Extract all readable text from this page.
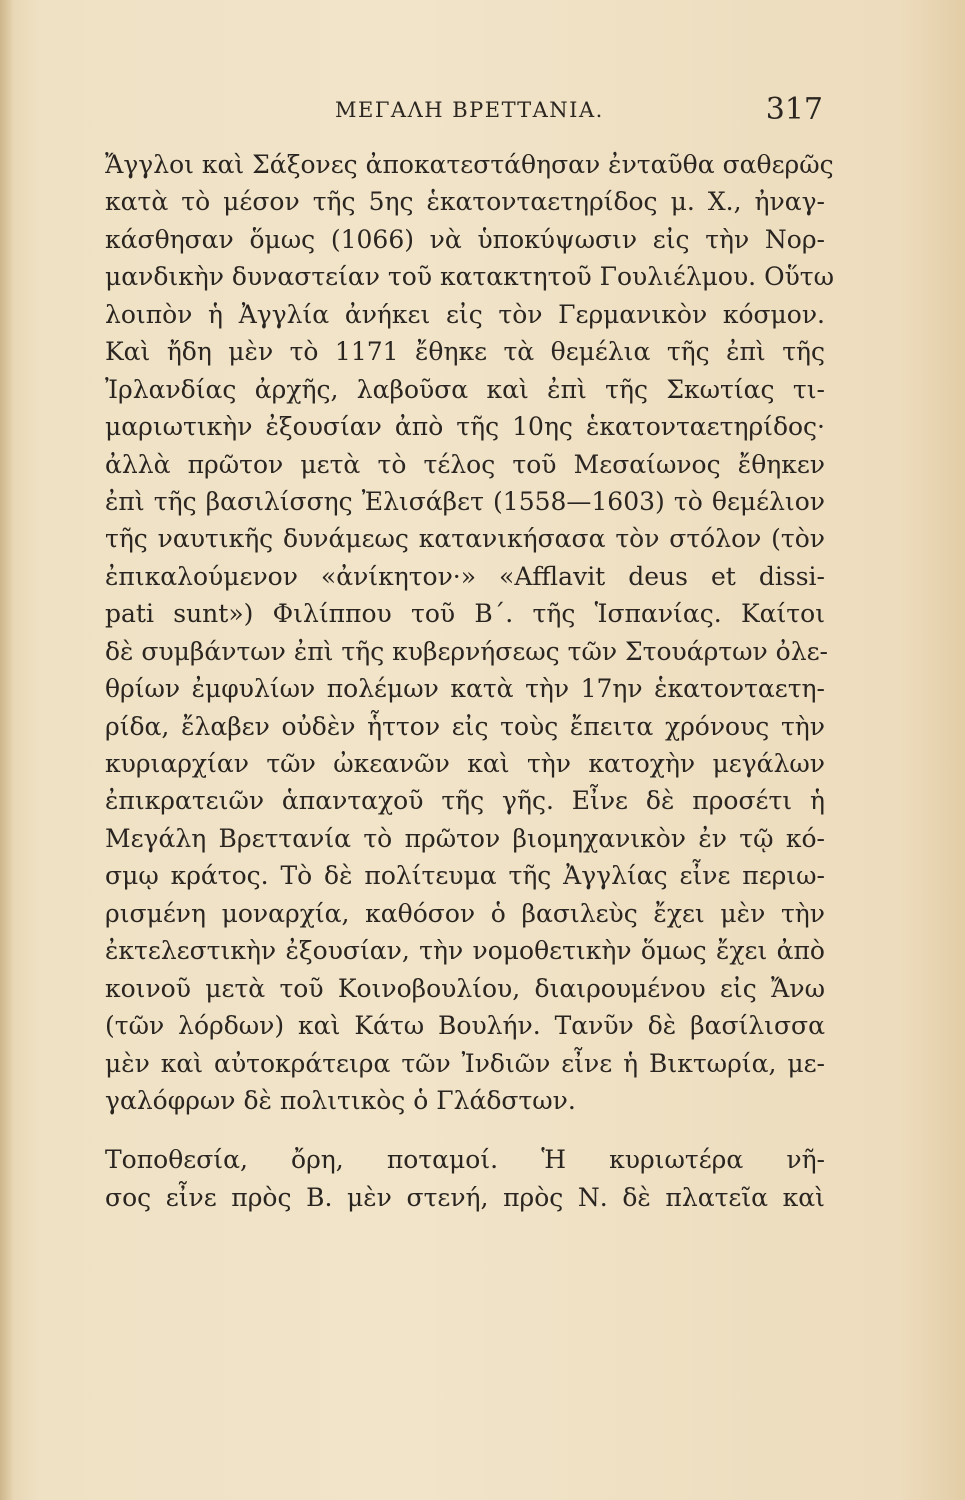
ΜΕΓΑΛΗ ΒΡΕΤΤΑΝΙΑ.	317
Ἄγγλοι καὶ Σάξονες ἀποκατεστάθησαν ἐνταῦθα σαθερῶς
κατὰ τὸ μέσον τῆς 5ης ἑκατονταετηρίδος μ. Χ., ἠναγ-
κάσθησαν ὅμως (1066) νὰ ὑποκύψωσιν εἰς τὴν Νορ-
μανδικὴν δυναστείαν τοῦ κατακτητοῦ Γουλιέλμου. Οὕτω
λοιπὸν ἡ Ἀγγλία ἀνήκει εἰς τὸν Γερμανικὸν κόσμον.
Καὶ ἤδη μὲν τὸ 1171 ἔθηκε τὰ θεμέλια τῆς ἐπὶ τῆς
Ἰρλανδίας ἀρχῆς, λαβοῦσα καὶ ἐπὶ τῆς Σκωτίας τι-
μαριωτικὴν ἐξουσίαν ἀπὸ τῆς 10ης ἑκατονταετηρίδος·
ἀλλὰ πρῶτον μετὰ τὸ τέλος τοῦ Μεσαίωνος ἔθηκεν
ἐπὶ τῆς βασιλίσσης Ἐλισάβετ (1558—1603) τὸ θεμέλιον
τῆς ναυτικῆς δυνάμεως κατανικήσασα τὸν στόλον (τὸν
ἐπικαλούμενον «ἀνίκητον·» «Afflavit deus et dissi-
pati sunt») Φιλίππου τοῦ Β΄. τῆς Ἱσπανίας. Καίτοι
δὲ συμβάντων ἐπὶ τῆς κυβερνήσεως τῶν Στουάρτων ὀλε-
θρίων ἐμφυλίων πολέμων κατὰ τὴν 17ην ἑκατονταετη-
ρίδα, ἔλαβεν οὐδὲν ἧττον εἰς τοὺς ἔπειτα χρόνους τὴν
κυριαρχίαν τῶν ὠκεανῶν καὶ τὴν κατοχὴν μεγάλων
ἐπικρατειῶν ἁπανταχοῦ τῆς γῆς. Εἶνε δὲ προσέτι ἡ
Μεγάλη Βρεττανία τὸ πρῶτον βιομηχανικὸν ἐν τῷ κό-
σμῳ κράτος. Τὸ δὲ πολίτευμα τῆς Ἀγγλίας εἶνε περιω-
ρισμένη μοναρχία, καθόσον ὁ βασιλεὺς ἔχει μὲν τὴν
ἐκτελεστικὴν ἐξουσίαν, τὴν νομοθετικὴν ὅμως ἔχει ἀπὸ
κοινοῦ μετὰ τοῦ Κοινοβουλίου, διαιρουμένου εἰς Ἄνω
(τῶν λόρδων) καὶ Κάτω Βουλήν. Τανῦν δὲ βασίλισσα
μὲν καὶ αὐτοκράτειρα τῶν Ἰνδιῶν εἶνε ἡ Βικτωρία, με-
γαλόφρων δὲ πολιτικὸς ὁ Γλάδστων.
Τοποθεσία, ὄρη, ποταμοί. Ἡ κυριωτέρα νῆ-
σος εἶνε πρὸς Β. μὲν στενή, πρὸς Ν. δὲ πλατεῖα καὶ
